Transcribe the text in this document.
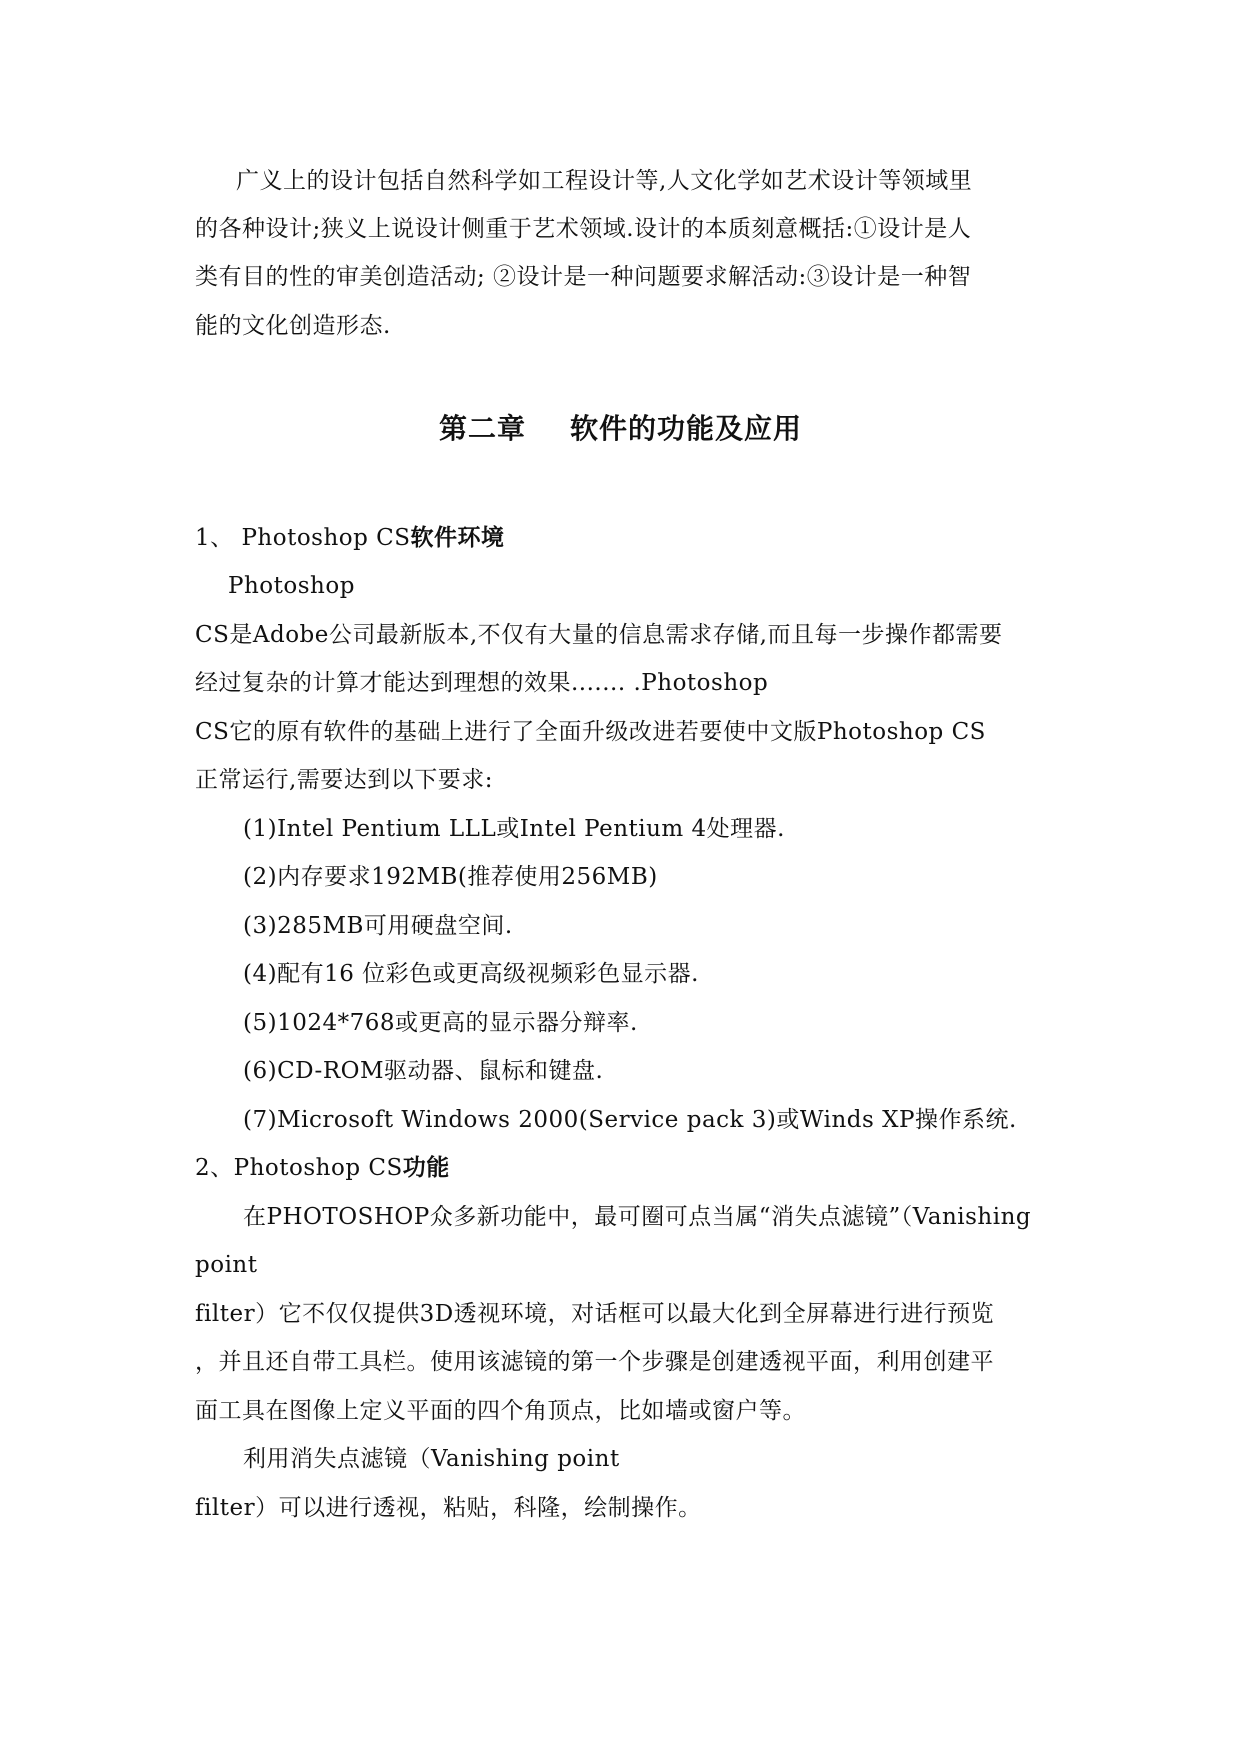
广义上的设计包括自然科学如工程设计等,人文化学如艺术设计等领域里
的各种设计;狭义上说设计侧重于艺术领域.设计的本质刻意概括:①设计是人
类有目的性的审美创造活动; ②设计是一种问题要求解活动:③设计是一种智
能的文化创造形态.
第二章 软件的功能及应用
1、 Photoshop CS软件环境
Photoshop
CS是Adobe公司最新版本,不仅有大量的信息需求存储,而且每一步操作都需要
经过复杂的计算才能达到理想的效果....... .Photoshop
CS它的原有软件的基础上进行了全面升级改进若要使中文版Photoshop CS
正常运行,需要达到以下要求:
(1)Intel Pentium LLL或Intel Pentium 4处理器.
(2)内存要求192MB(推荐使用256MB)
(3)285MB可用硬盘空间.
(4)配有16 位彩色或更高级视频彩色显示器.
(5)1024*768或更高的显示器分辩率.
(6)CD-ROM驱动器、鼠标和键盘.
(7)Microsoft Windows 2000(Service pack 3)或Winds XP操作系统.
2、Photoshop CS功能
在PHOTOSHOP众多新功能中，最可圈可点当属“消失点滤镜”（Vanishing
point
filter）它不仅仅提供3D透视环境，对话框可以最大化到全屏幕进行进行预览
，并且还自带工具栏。使用该滤镜的第一个步骤是创建透视平面，利用创建平
面工具在图像上定义平面的四个角顶点，比如墙或窗户等。
利用消失点滤镜（Vanishing point
filter）可以进行透视，粘贴，科隆，绘制操作。
